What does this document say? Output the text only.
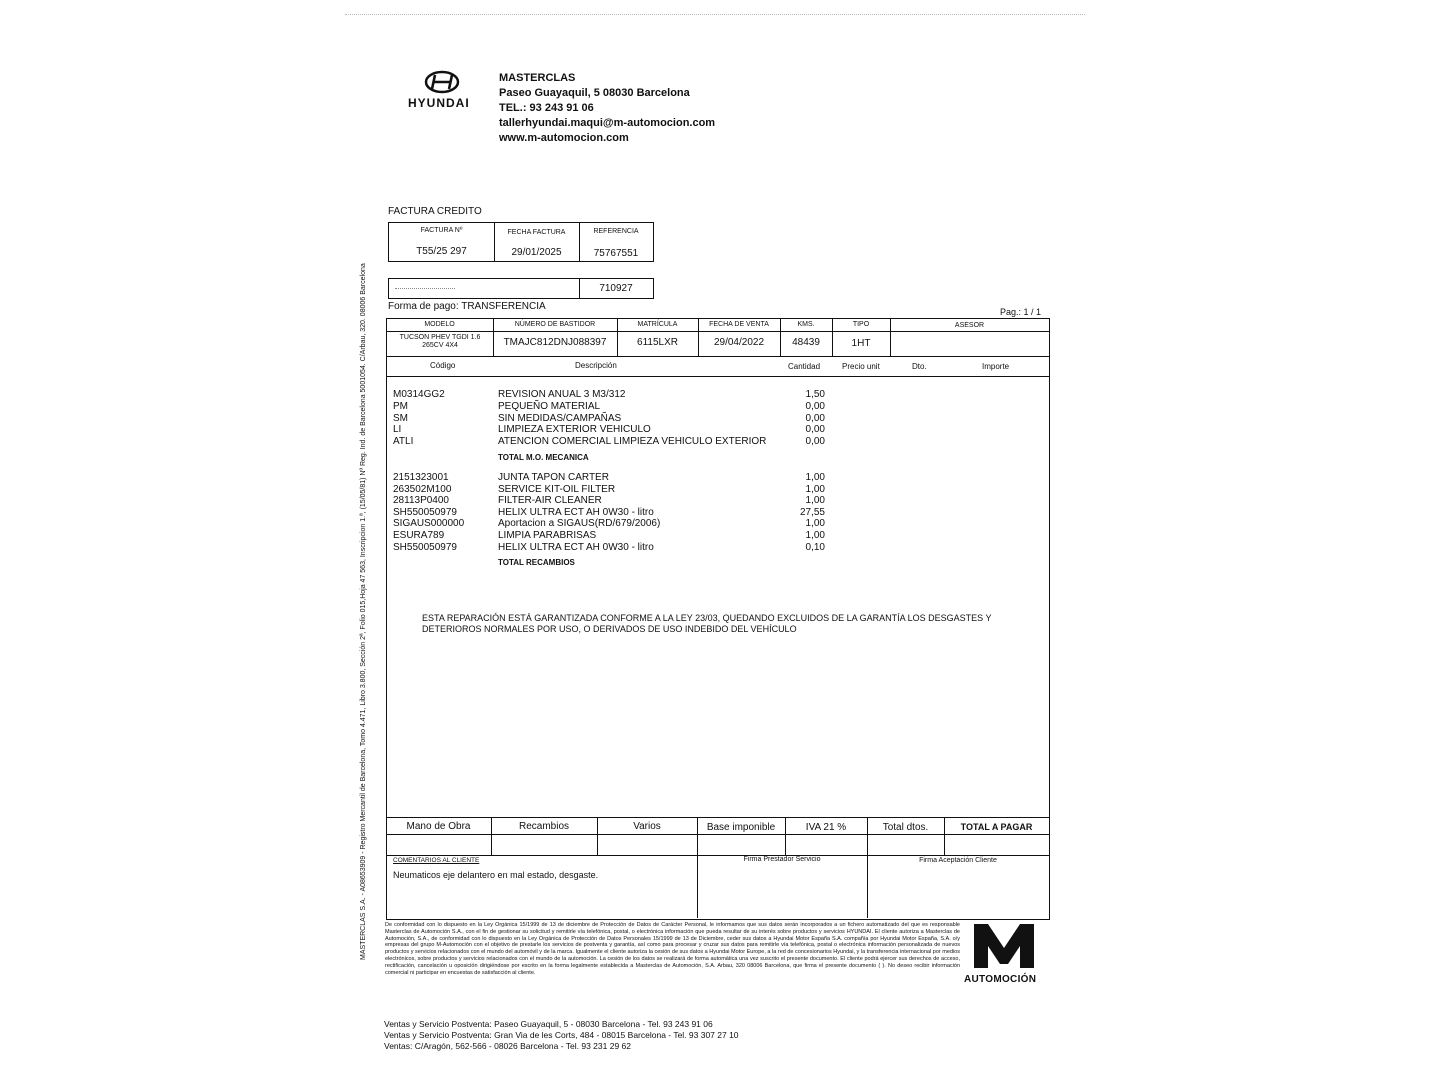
HYUNDAI
MASTERCLAS
Paseo Guayaquil, 5 08030 Barcelona
TEL.: 93 243 91 06
tallerhyundai.maqui@m-automocion.com
www.m-automocion.com
MASTERCLAS S.A. - A08653909 - Registro Mercantil de Barcelona, Tomo 4.471, Libro 3.800, Sección 2ª, Folio 015,Hoja 47 563, Inscripcion 1.ª, (15/05/81) Nº Reg. Ind. de Barcelona 5001054. C/Arbau, 320. 08006 Barcelona
FACTURA CREDITO
FACTURA Nº	FECHA FACTURA	REFERENCIA
T55/25 297	29/01/2025	75767551
710927
Forma de pago: TRANSFERENCIA	Pag.: 1 / 1
MODELO	NÚMERO DE BASTIDOR	MATRÍCULA	FECHA DE VENTA	KMS.	TIPO	ASESOR
TUCSON PHEV TGDI 1.6 265CV 4X4	TMAJC812DNJ088397	6115LXR	29/04/2022	48439	1HT
Código	Descripción	Cantidad	Precio unit	Dto.	Importe
M0314GG2	REVISION ANUAL 3 M3/312	1,50
PM	PEQUEÑO MATERIAL	0,00
SM	SIN MEDIDAS/CAMPAÑAS	0,00
LI	LIMPIEZA EXTERIOR VEHICULO	0,00
ATLI	ATENCION COMERCIAL LIMPIEZA VEHICULO EXTERIOR	0,00
TOTAL M.O. MECANICA
2151323001	JUNTA TAPON CARTER	1,00
263502M100	SERVICE KIT-OIL FILTER	1,00
28113P0400	FILTER-AIR CLEANER	1,00
SH550050979	HELIX ULTRA ECT AH 0W30 - litro	27,55
SIGAUS000000	Aportacion a SIGAUS(RD/679/2006)	1,00
ESURA789	LIMPIA PARABRISAS	1,00
SH550050979	HELIX ULTRA ECT AH 0W30 - litro	0,10
TOTAL RECAMBIOS
ESTA REPARACIÓN ESTÁ GARANTIZADA CONFORME A LA LEY 23/03, QUEDANDO EXCLUIDOS DE LA GARANTÍA LOS DESGASTES Y DETERIOROS NORMALES POR USO, O DERIVADOS DE USO INDEBIDO DEL VEHÍCULO
Mano de Obra	Recambios	Varios	Base imponible	IVA 21 %	Total dtos.	TOTAL A PAGAR
COMENTARIOS AL CLIENTE
Neumaticos eje delantero en mal estado, desgaste.
Firma Prestador Servicio	Firma Aceptación Cliente
De conformidad con lo dispuesto en la Ley Orgánica 15/1999 de 13 de diciembre de Protección de Datos de Carácter Personal, le informamos que sus datos serán incorporados a un fichero automatizado del que es responsable Masterclas de Automoción S.A., con el fin de gestionar su solicitud y remitirle vía telefónica, postal, o electrónica información que pueda resultar de su interés sobre productos y servicios HYUNDAI. El cliente autoriza a Masterclas de Automoción, S.A., de conformidad con lo dispuesto en la Ley Orgánica de Protección de Datos Personales 15/1999 de 13 de Diciembre, ceder sus datos a Hyundai Motor España S.A. compañía por Hyundai Motor España, S.A. o/y empresas del grupo M-Automoción con el objetivo de prestarle los servicios de postventa y garantía, así como para procesar y cruzar sus datos para remitirle vía telefónica, postal o electrónica información personalizada de nuevos productos y servicios relacionados con el mundo del automóvil y de la marca. Igualmente el cliente autoriza la cesión de sus datos a Hyundai Motor Europe, a la red de concesionarios Hyundai, y la transferencia internacional por medios electrónicos, sobre productos y servicios relacionados con el mundo de la automoción. La cesión de los datos se realizará de forma automática una vez suscrito el presente documento. El cliente podrá ejercer sus derechos de acceso, rectificación, cancelación u oposición dirigiéndose por escrito en la forma legalmente establecida a Masterclas de Automoción, S.A. Arbau, 320 08006 Barcelona, que firma el presente documento ( ). No deseo recibir información comercial ni participar en encuestas de satisfacción al cliente.
AUTOMOCIÓN
Ventas y Servicio Postventa: Paseo Guayaquil, 5 - 08030 Barcelona - Tel. 93 243 91 06
Ventas y Servicio Postventa: Gran Via de les Corts, 484 - 08015 Barcelona - Tel. 93 307 27 10
Ventas: C/Aragón, 562-566 - 08026 Barcelona - Tel. 93 231 29 62
